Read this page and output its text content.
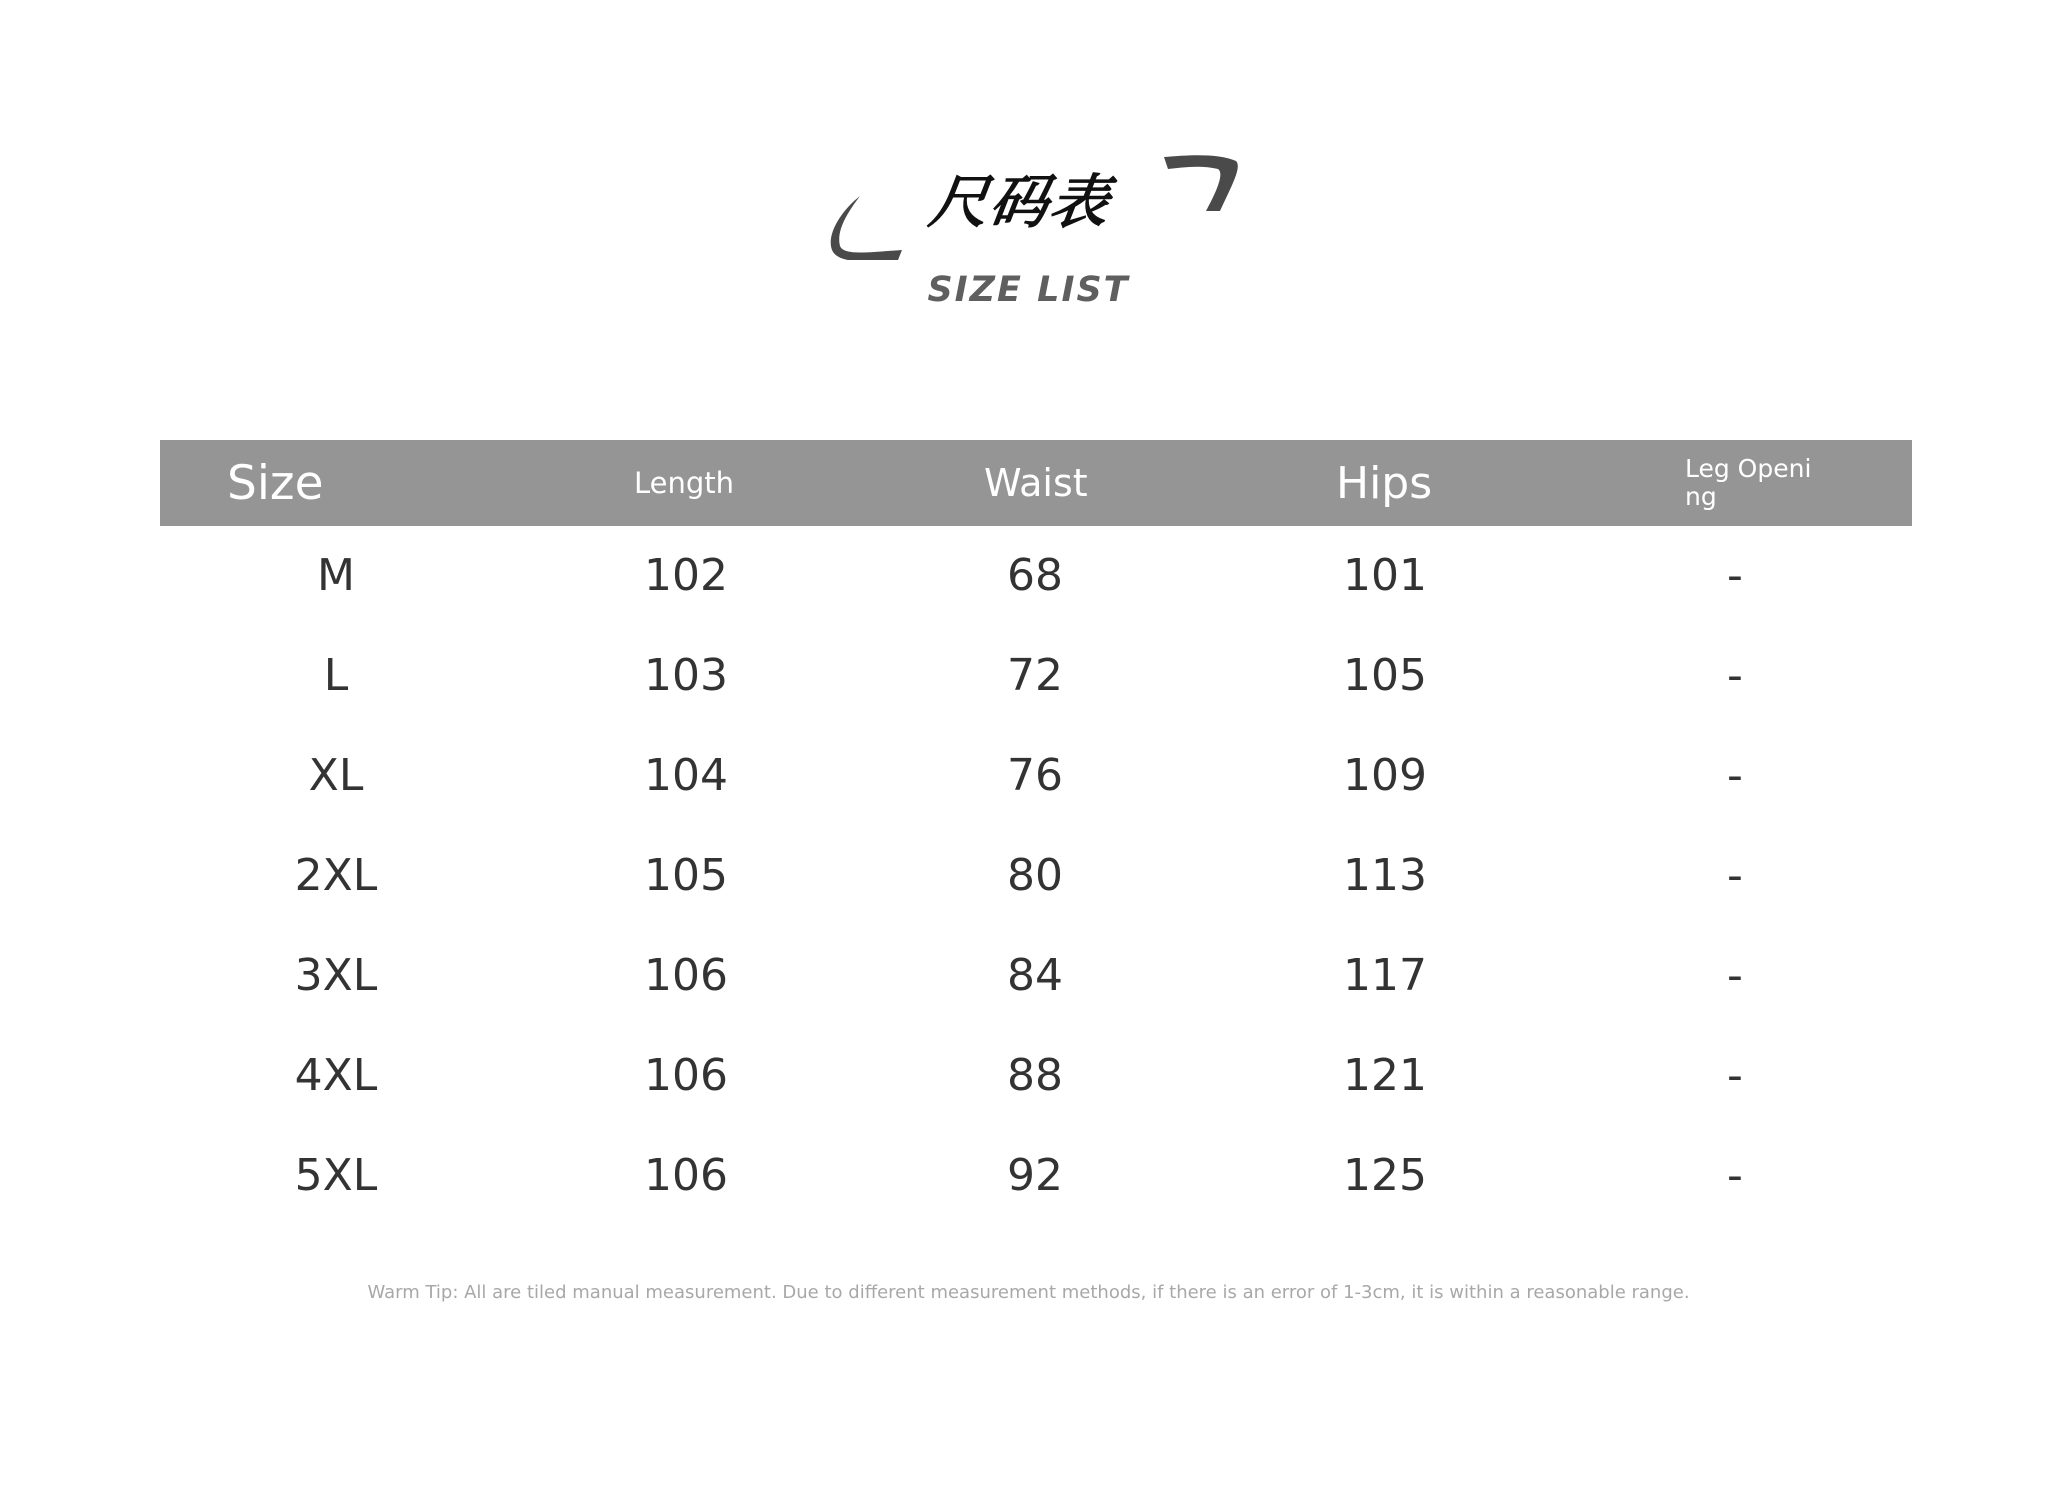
尺码表
SIZE LIST
Size	Length	Waist	Hips	Leg Opening
M	102	68	101	-
L	103	72	105	-
XL	104	76	109	-
2XL	105	80	113	-
3XL	106	84	117	-
4XL	106	88	121	-
5XL	106	92	125	-
Warm Tip: All are tiled manual measurement. Due to different measurement methods, if there is an error of 1-3cm, it is within a reasonable range.
